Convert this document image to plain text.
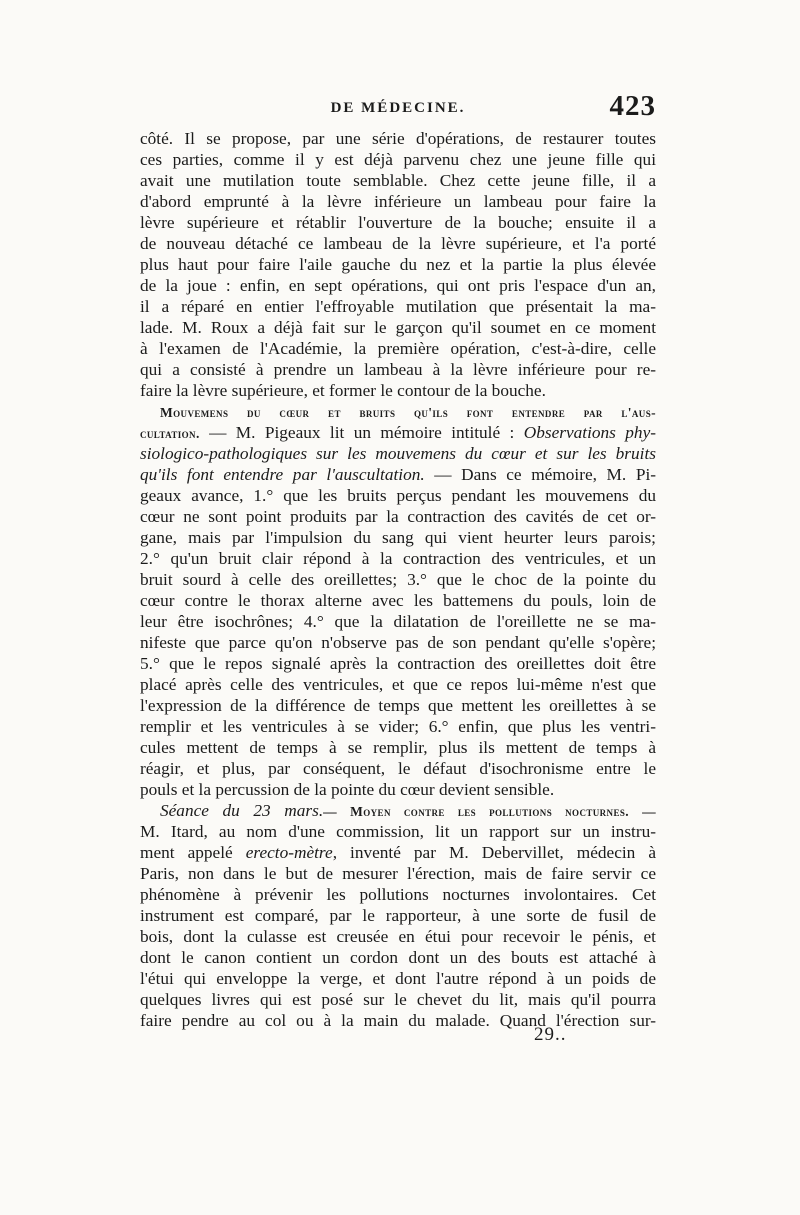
DE MÉDECINE.	423
côté. Il se propose, par une série d'opérations, de restaurer toutes
ces parties, comme il y est déjà parvenu chez une jeune fille qui
avait une mutilation toute semblable. Chez cette jeune fille, il a
d'abord emprunté à la lèvre inférieure un lambeau pour faire la
lèvre supérieure et rétablir l'ouverture de la bouche; ensuite il a
de nouveau détaché ce lambeau de la lèvre supérieure, et l'a porté
plus haut pour faire l'aile gauche du nez et la partie la plus élevée
de la joue : enfin, en sept opérations, qui ont pris l'espace d'un an,
il a réparé en entier l'effroyable mutilation que présentait la ma-
lade. M. Roux a déjà fait sur le garçon qu'il soumet en ce moment
à l'examen de l'Académie, la première opération, c'est-à-dire, celle
qui a consisté à prendre un lambeau à la lèvre inférieure pour re-
faire la lèvre supérieure, et former le contour de la bouche.
Mouvemens du cœur et bruits qu'ils font entendre par l'aus-
cultation. — M. Pigeaux lit un mémoire intitulé : Observations phy-
siologico-pathologiques sur les mouvemens du cœur et sur les bruits
qu'ils font entendre par l'auscultation. — Dans ce mémoire, M. Pi-
geaux avance, 1.° que les bruits perçus pendant les mouvemens du
cœur ne sont point produits par la contraction des cavités de cet or-
gane, mais par l'impulsion du sang qui vient heurter leurs parois;
2.° qu'un bruit clair répond à la contraction des ventricules, et un
bruit sourd à celle des oreillettes; 3.° que le choc de la pointe du
cœur contre le thorax alterne avec les battemens du pouls, loin de
leur être isochrônes; 4.° que la dilatation de l'oreillette ne se ma-
nifeste que parce qu'on n'observe pas de son pendant qu'elle s'opère;
5.° que le repos signalé après la contraction des oreillettes doit être
placé après celle des ventricules, et que ce repos lui-même n'est que
l'expression de la différence de temps que mettent les oreillettes à se
remplir et les ventricules à se vider; 6.° enfin, que plus les ventri-
cules mettent de temps à se remplir, plus ils mettent de temps à
réagir, et plus, par conséquent, le défaut d'isochronisme entre le
pouls et la percussion de la pointe du cœur devient sensible.
Séance du 23 mars.— Moyen contre les pollutions nocturnes. —
M. Itard, au nom d'une commission, lit un rapport sur un instru-
ment appelé erecto-mètre, inventé par M. Debervillet, médecin à
Paris, non dans le but de mesurer l'érection, mais de faire servir ce
phénomène à prévenir les pollutions nocturnes involontaires. Cet
instrument est comparé, par le rapporteur, à une sorte de fusil de
bois, dont la culasse est creusée en étui pour recevoir le pénis, et
dont le canon contient un cordon dont un des bouts est attaché à
l'étui qui enveloppe la verge, et dont l'autre répond à un poids de
quelques livres qui est posé sur le chevet du lit, mais qu'il pourra
faire pendre au col ou à la main du malade. Quand l'érection sur-
29..
